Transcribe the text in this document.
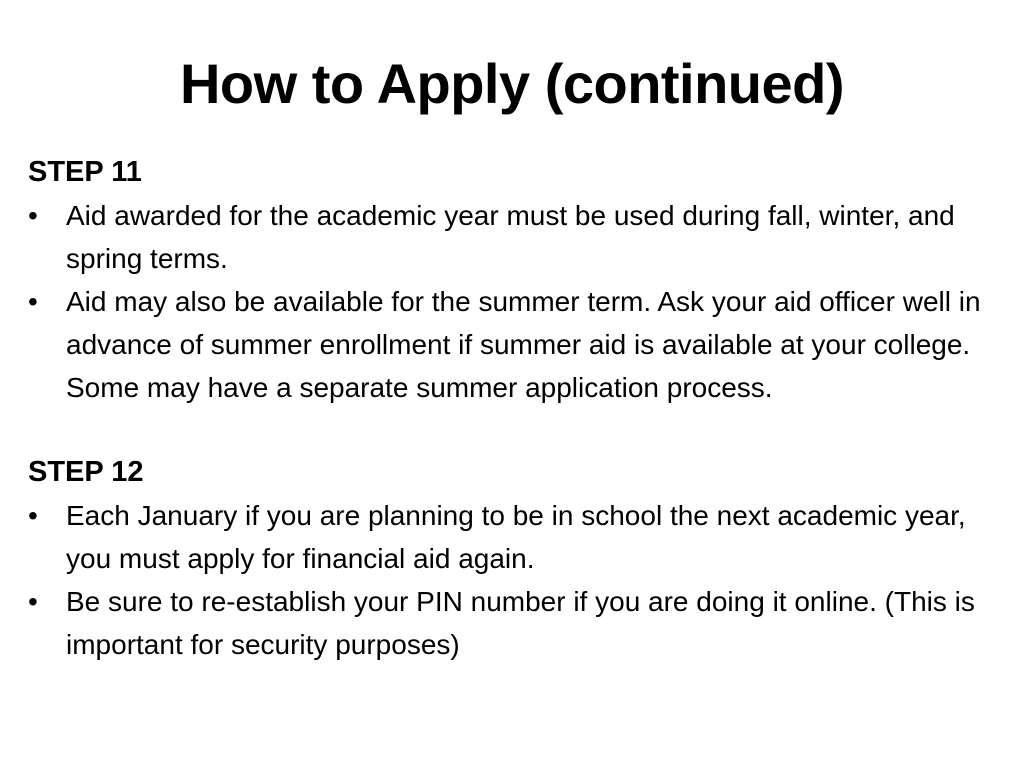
How to Apply (continued)
STEP 11
•	Aid awarded for the academic year must be used during fall, winter, and spring terms.
•	Aid may also be available for the summer term. Ask your aid officer well in advance of summer enrollment if summer aid is available at your college. Some may have a separate summer application process.
STEP 12
•	Each January if you are planning to be in school the next academic year, you must apply for financial aid again.
•	Be sure to re-establish your PIN number if you are doing it online. (This is important for security purposes)
